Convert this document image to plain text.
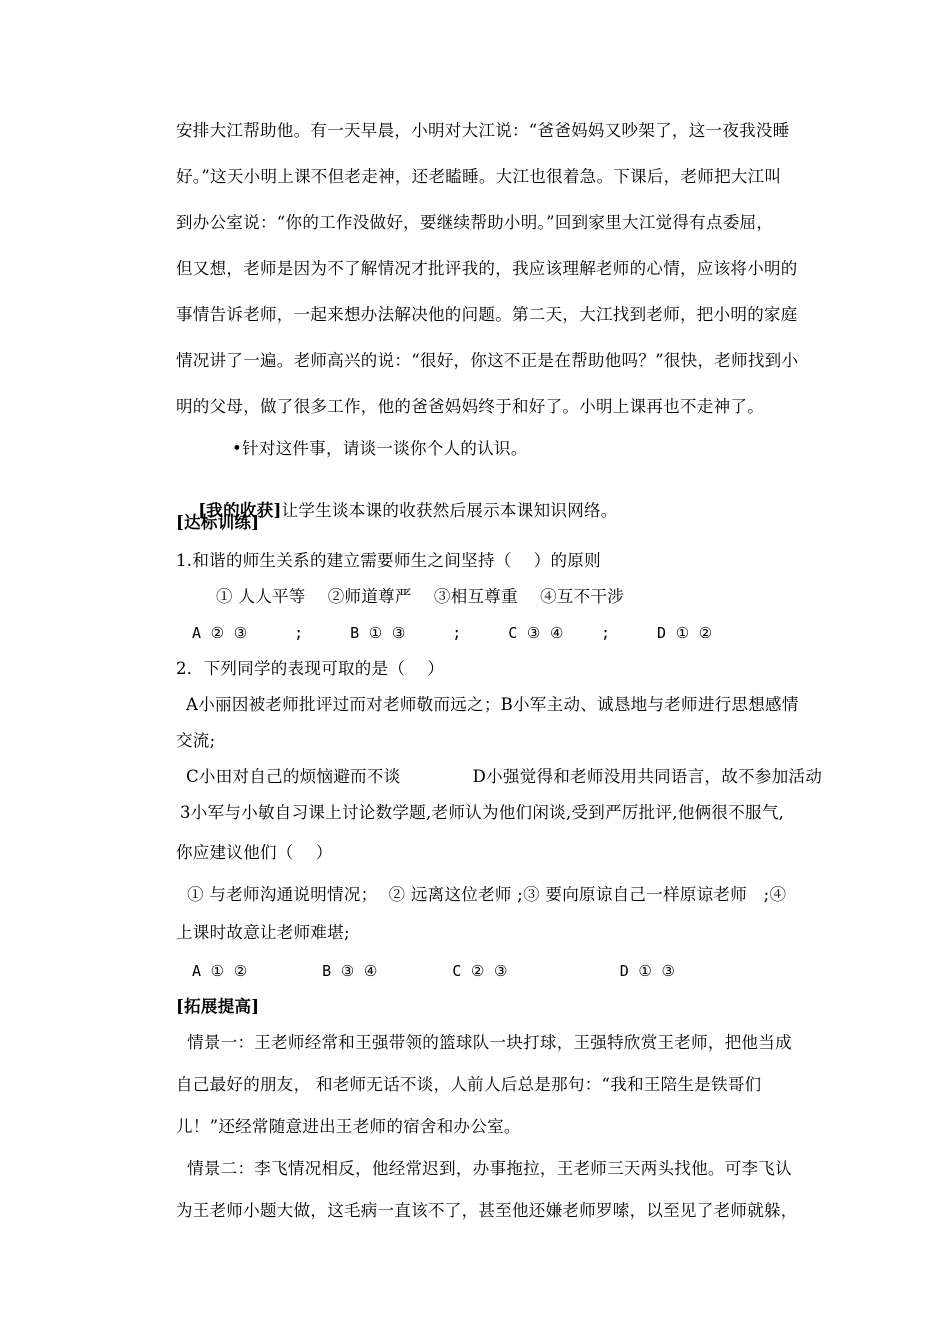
安排大江帮助他。有一天早晨，小明对大江说：“爸爸妈妈又吵架了，这一夜我没睡
好。”这天小明上课不但老走神，还老瞌睡。大江也很着急。下课后，老师把大江叫
到办公室说：“你的工作没做好，要继续帮助小明。”回到家里大江觉得有点委屈，
但又想，老师是因为不了解情况才批评我的，我应该理解老师的心情，应该将小明的
事情告诉老师，一起来想办法解决他的问题。第二天，大江找到老师，把小明的家庭
情况讲了一遍。老师高兴的说：“很好，你这不正是在帮助他吗？”很快，老师找到小
明的父母，做了很多工作，他的爸爸妈妈终于和好了。小明上课再也不走神了。
•针对这件事，请谈一谈你个人的认识。

[我的收获]让学生谈本课的收获然后展示本课知识网络。

[达标训练]
1.和谐的师生关系的建立需要师生之间坚持（    ）的原则
① 人人平等    ②师道尊严    ③相互尊重    ④互不干涉
A ② ③     ;     B ① ③     ;     C ③ ④    ;     D ① ②
2．下列同学的表现可取的是（    ）
A小丽因被老师批评过而对老师敬而远之；B小军主动、诚恳地与老师进行思想感情
交流;
C小田对自己的烦恼避而不谈             D小强觉得和老师没用共同语言，故不参加活动
3小军与小敏自习课上讨论数学题,老师认为他们闲谈,受到严厉批评,他俩很不服气,
你应建议他们（    ）
① 与老师沟通说明情况；  ② 远离这位老师 ;③ 要向原谅自己一样原谅老师   ;④
上课时故意让老师难堪;
A ① ②        B ③ ④        C ② ③            D ① ③
[拓展提高]
情景一：王老师经常和王强带领的篮球队一块打球，王强特欣赏王老师，把他当成
自己最好的朋友， 和老师无话不谈，人前人后总是那句：“我和王陪生是铁哥们
儿！”还经常随意进出王老师的宿舍和办公室。
情景二：李飞情况相反，他经常迟到，办事拖拉，王老师三天两头找他。可李飞认
为王老师小题大做，这毛病一直该不了，甚至他还嫌老师罗嗦，以至见了老师就躲，
